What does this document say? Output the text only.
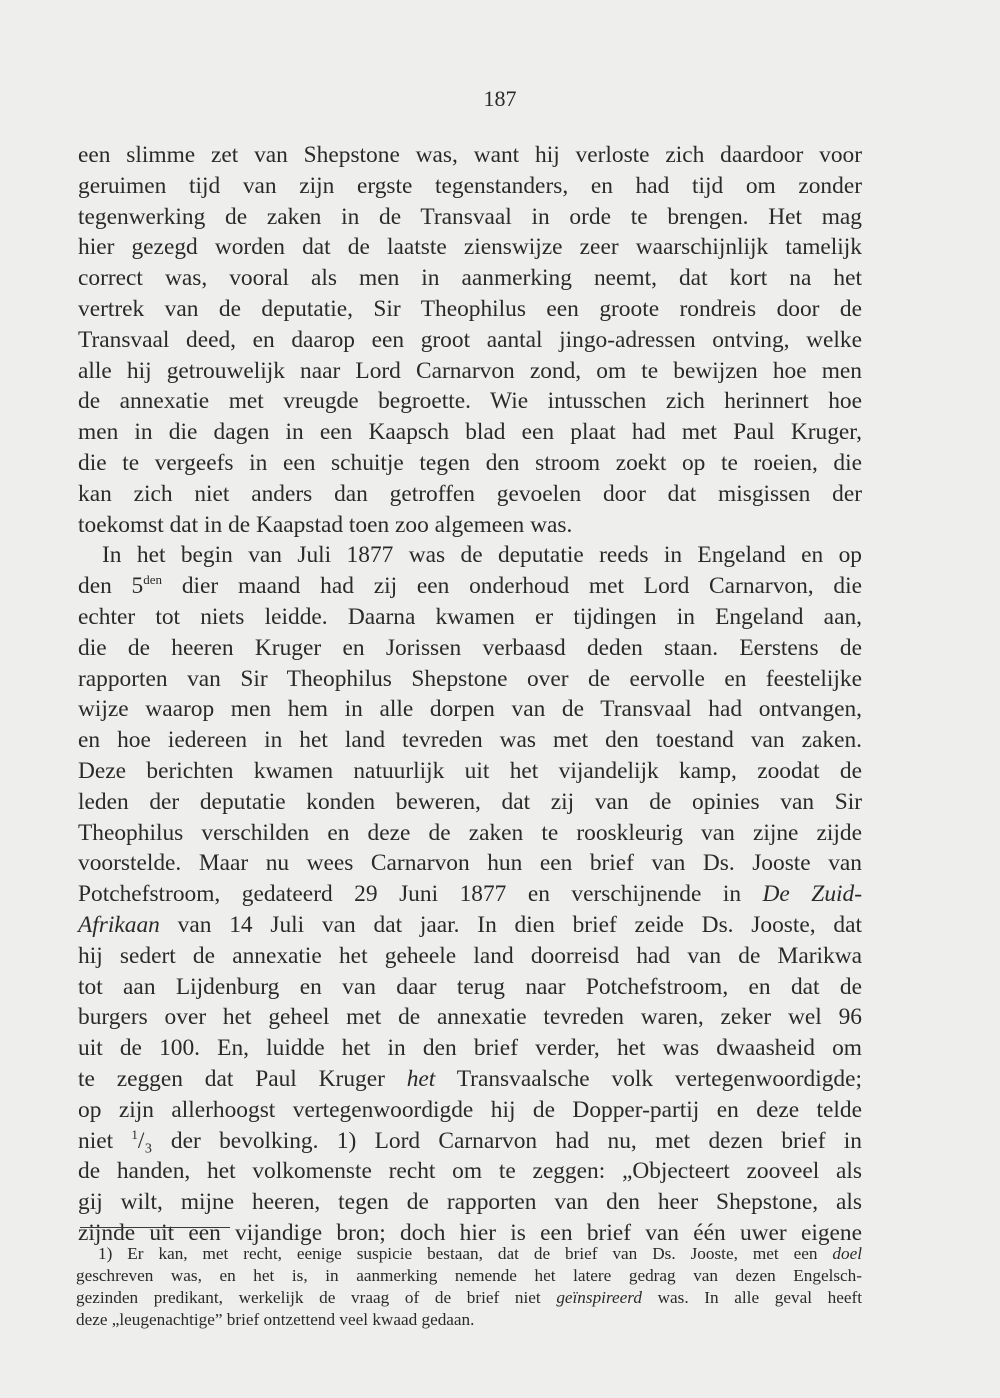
187
een slimme zet van Shepstone was, want hij verloste zich daardoor voor
geruimen tijd van zijn ergste tegenstanders, en had tijd om zonder
tegenwerking de zaken in de Transvaal in orde te brengen. Het mag
hier gezegd worden dat de laatste zienswijze zeer waarschijnlijk tamelijk
correct was, vooral als men in aanmerking neemt, dat kort na het
vertrek van de deputatie, Sir Theophilus een groote rondreis door de
Transvaal deed, en daarop een groot aantal jingo-adressen ontving, welke
alle hij getrouwelijk naar Lord Carnarvon zond, om te bewijzen hoe men
de annexatie met vreugde begroette. Wie intusschen zich herinnert hoe
men in die dagen in een Kaapsch blad een plaat had met Paul Kruger,
die te vergeefs in een schuitje tegen den stroom zoekt op te roeien, die
kan zich niet anders dan getroffen gevoelen door dat misgissen der
toekomst dat in de Kaapstad toen zoo algemeen was.
In het begin van Juli 1877 was de deputatie reeds in Engeland en op
den $5^{den}$ dier maand had zij een onderhoud met Lord Carnarvon, die
echter tot niets leidde. Daarna kwamen er tijdingen in Engeland aan,
die de heeren Kruger en Jorissen verbaasd deden staan. Eerstens de
rapporten van Sir Theophilus Shepstone over de eervolle en feestelijke
wijze waarop men hem in alle dorpen van de Transvaal had ontvangen,
en hoe iedereen in het land tevreden was met den toestand van zaken.
Deze berichten kwamen natuurlijk uit het vijandelijk kamp, zoodat de
leden der deputatie konden beweren, dat zij van de opinies van Sir
Theophilus verschilden en deze de zaken te rooskleurig van zijne zijde
voorstelde. Maar nu wees Carnarvon hun een brief van Ds. Jooste van
Potchefstroom, gedateerd 29 Juni 1877 en verschijnende in De Zuid-
Afrikaan van 14 Juli van dat jaar. In dien brief zeide Ds. Jooste, dat
hij sedert de annexatie het geheele land doorreisd had van de Marikwa
tot aan Lijdenburg en van daar terug naar Potchefstroom, en dat de
burgers over het geheel met de annexatie tevreden waren, zeker wel 96
uit de 100. En, luidde het in den brief verder, het was dwaasheid om
te zeggen dat Paul Kruger het Transvaalsche volk vertegenwoordigde;
op zijn allerhoogst vertegenwoordigde hij de Dopper-partij en deze telde
niet $^1$/₃ der bevolking. 1) Lord Carnarvon had nu, met dezen brief in
de handen, het volkomenste recht om te zeggen: „Objecteert zooveel als
gij wilt, mijne heeren, tegen de rapporten van den heer Shepstone, als
zijnde uit een vijandige bron; doch hier is een brief van één uwer eigene
1) Er kan, met recht, eenige suspicie bestaan, dat de brief van Ds. Jooste, met een doel
geschreven was, en het is, in aanmerking nemende het latere gedrag van dezen Engelsch-
gezinden predikant, werkelijk de vraag of de brief niet geïnspireerd was. In alle geval heeft
deze „leugenachtige” brief ontzettend veel kwaad gedaan.
